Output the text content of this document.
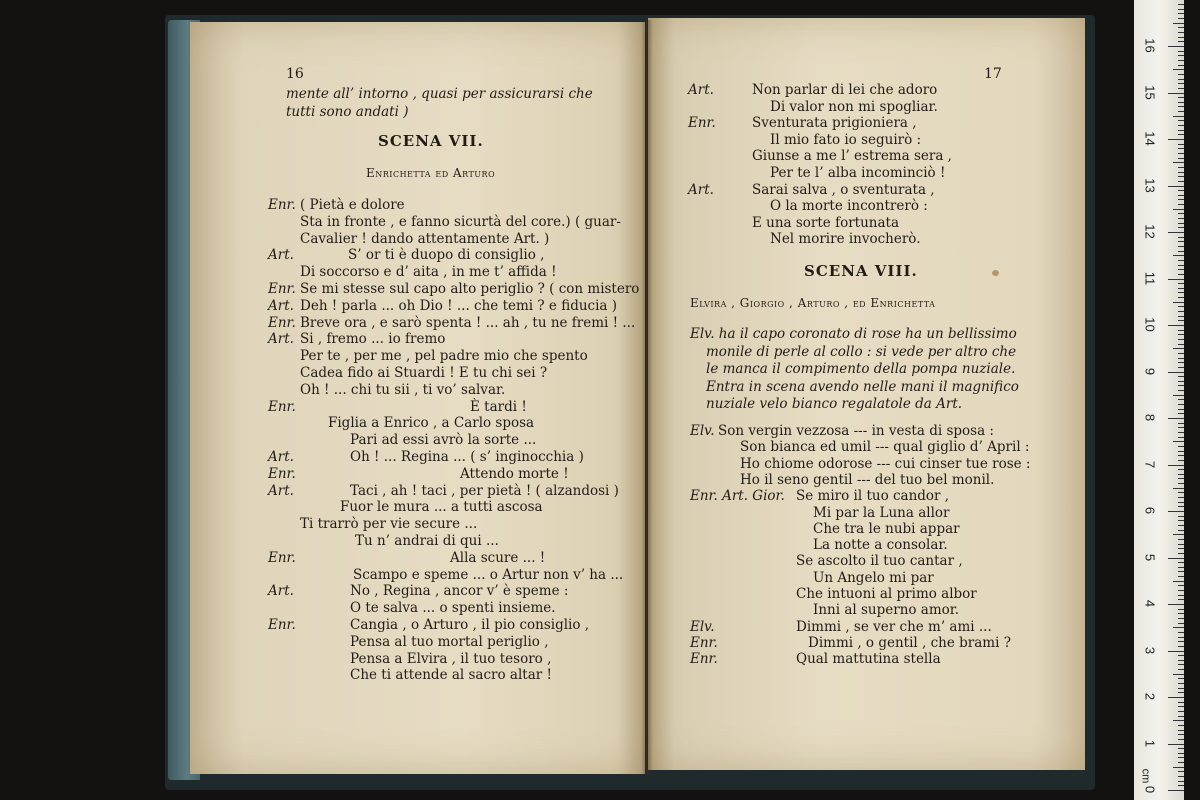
16
mente all’ intorno , quasi per assicurarsi che
tutti sono andati )
SCENA VII.
Enrichetta ed Arturo
Enr. ( Pietà e dolore
Sta in fronte , e fanno sicurtà del core.) ( guar-
Cavalier ! dando attentamente Art. )
Art.	S’ or ti è duopo di consiglio ,
Di soccorso e d’ aita , in me t’ affida !
Enr. Se mi stesse sul capo alto periglio ? ( con mistero
Art. Deh ! parla ... oh Dio ! ... che temi ? e fiducia )
Enr. Breve ora , e sarò spenta ! ... ah , tu ne fremi ! ...
Art. Si , fremo ... io fremo
Per te , per me , pel padre mio che spento
Cadea fido ai Stuardi ! E tu chi sei ?
Oh ! ... chi tu sii , ti vo’ salvar.
Enr.	È tardi !
Figlia a Enrico , a Carlo sposa
Pari ad essi avrò la sorte ...
Art.	Oh ! ... Regina ... ( s’ inginocchia )
Enr.	Attendo morte !
Art.	Taci , ah ! taci , per pietà ! ( alzandosi )
Fuor le mura ... a tutti ascosa
Ti trarrò per vie secure ...
Tu n’ andrai di qui ...
Enr.	Alla scure ... !
Scampo e speme ... o Artur non v’ ha ...
Art.	No , Regina , ancor v’ è speme :
O te salva ... o spenti insieme.
Enr.	Cangia , o Arturo , il pio consiglio ,
Pensa al tuo mortal periglio ,
Pensa a Elvira , il tuo tesoro ,
Che ti attende al sacro altar !
17
Art.	Non parlar di lei che adoro
Di valor non mi spogliar.
Enr.	Sventurata prigioniera ,
Il mio fato io seguirò :
Giunse a me l’ estrema sera ,
Per te l’ alba incominciò !
Art.	Sarai salva , o sventurata ,
O la morte incontrerò :
E una sorte fortunata
Nel morire invocherò.
SCENA VIII.
Elvira , Giorgio , Arturo , ed Enrichetta
Elv. ha il capo coronato di rose ha un bellissimo
monile di perle al collo : si vede per altro che
le manca il compimento della pompa nuziale.
Entra in scena avendo nelle mani il magnifico
nuziale velo bianco regalatole da Art.
Elv. Son vergin vezzosa --- in vesta di sposa :
Son bianca ed umil --- qual giglio d’ April :
Ho chiome odorose --- cui cinser tue rose :
Ho il seno gentil --- del tuo bel monil.
Enr. Art. Gior. Se miro il tuo candor ,
Mi par la Luna allor
Che tra le nubi appar
La notte a consolar.
Se ascolto il tuo cantar ,
Un Angelo mi par
Che intuoni al primo albor
Inni al superno amor.
Elv.	Dimmi , se ver che m’ ami ...
Enr.	Dimmi , o gentil , che brami ?
Enr.	Qual mattutina stella
16
15
14
13
12
11
10
9
8
7
6
5
4
3
2
1
0
cm
